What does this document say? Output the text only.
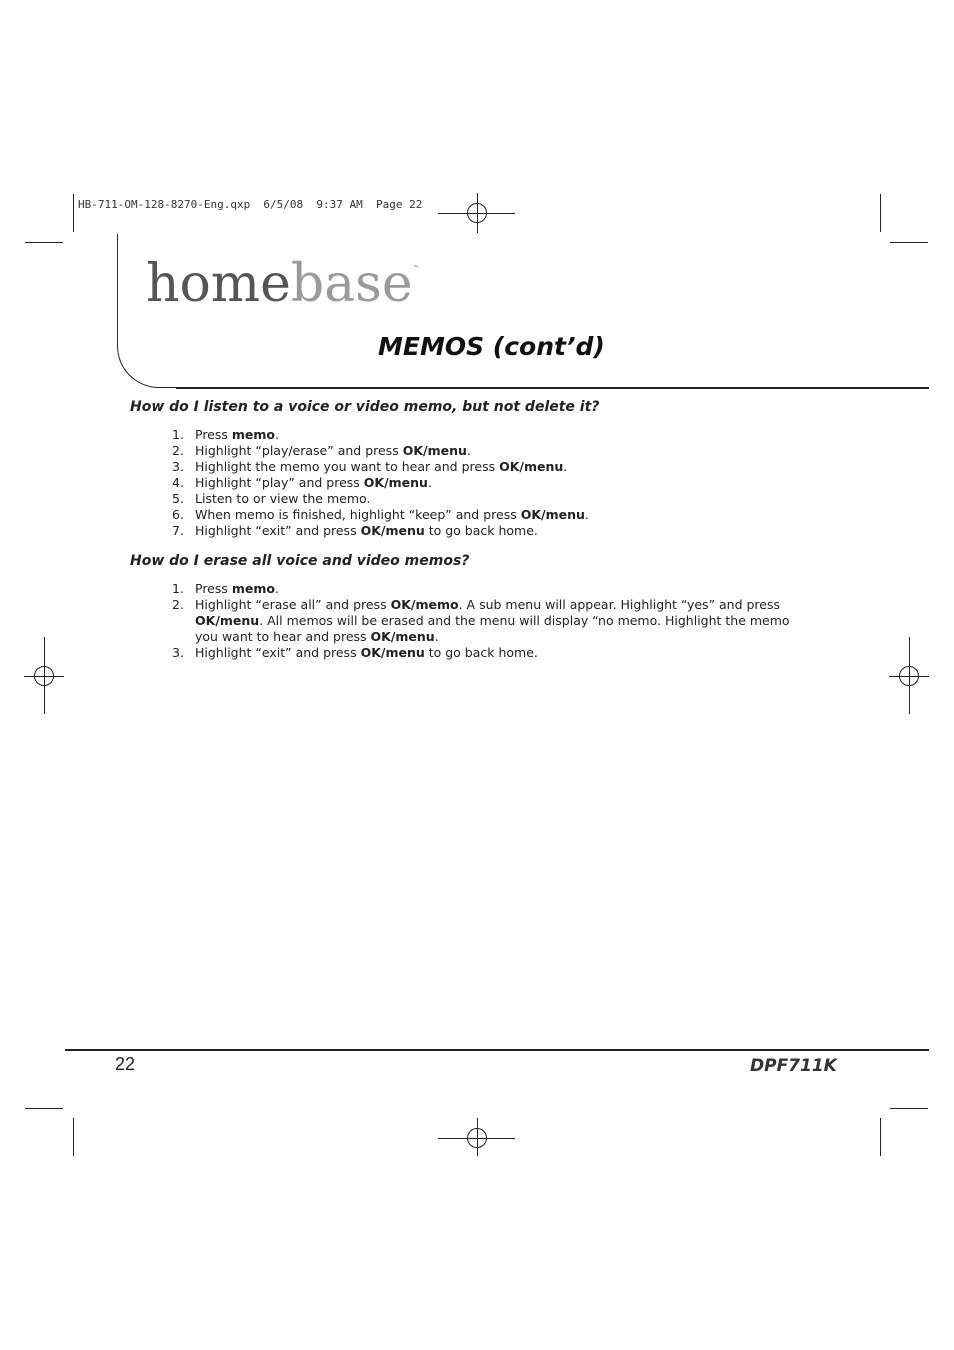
HB-711-OM-128-8270-Eng.qxp  6/5/08  9:37 AM  Page 22
homebase™
MEMOS (cont’d)
How do I listen to a voice or video memo, but not delete it?
1. Press memo.
2. Highlight “play/erase” and press OK/menu.
3. Highlight the memo you want to hear and press OK/menu.
4. Highlight “play” and press OK/menu.
5. Listen to or view the memo.
6. When memo is finished, highlight “keep” and press OK/menu.
7. Highlight “exit” and press OK/menu to go back home.
How do I erase all voice and video memos?
1. Press memo.
2. Highlight “erase all” and press OK/memo. A sub menu will appear. Highlight “yes” and press OK/menu. All memos will be erased and the menu will display “no memo. Highlight the memo you want to hear and press OK/menu.
3. Highlight “exit” and press OK/menu to go back home.
22	DPF711K
